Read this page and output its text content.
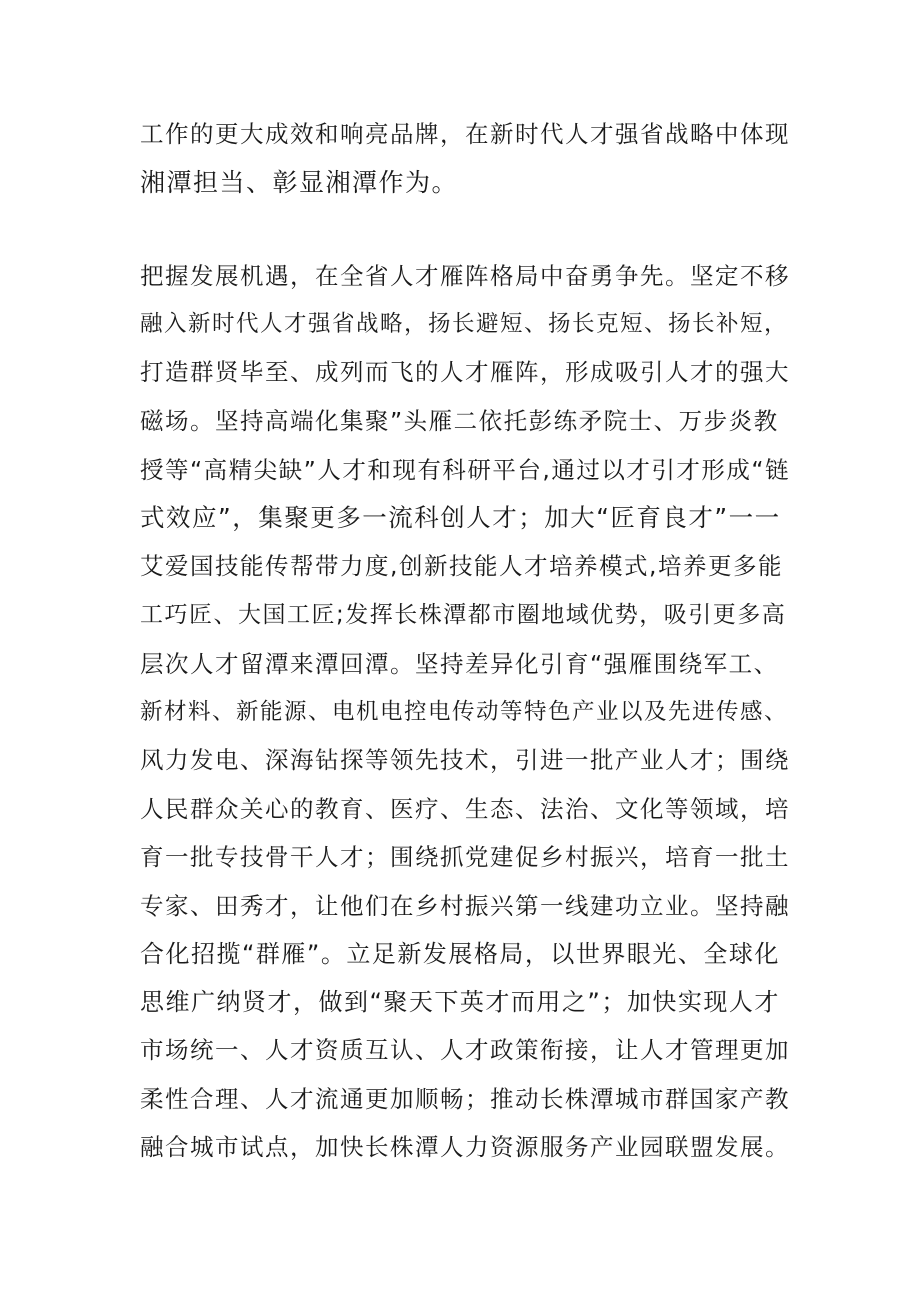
工作的更大成效和响亮品牌，在新时代人才强省战略中体现
湘潭担当、彰显湘潭作为。
把握发展机遇，在全省人才雁阵格局中奋勇争先。坚定不移
融入新时代人才强省战略，扬长避短、扬长克短、扬长补短，
打造群贤毕至、成列而飞的人才雁阵，形成吸引人才的强大
磁场。坚持高端化集聚”头雁二依托彭练矛院士、万步炎教
授等“高精尖缺”人才和现有科研平台,通过以才引才形成“链
式效应”，集聚更多一流科创人才；加大“匠育良才”一一
艾爱国技能传帮带力度,创新技能人才培养模式,培养更多能
工巧匠、大国工匠;发挥长株潭都市圈地域优势，吸引更多高
层次人才留潭来潭回潭。坚持差异化引育“强雁围绕军工、
新材料、新能源、电机电控电传动等特色产业以及先进传感、
风力发电、深海钻探等领先技术，引进一批产业人才；围绕
人民群众关心的教育、医疗、生态、法治、文化等领域，培
育一批专技骨干人才；围绕抓党建促乡村振兴，培育一批土
专家、田秀才，让他们在乡村振兴第一线建功立业。坚持融
合化招揽“群雁”。立足新发展格局，以世界眼光、全球化
思维广纳贤才，做到“聚天下英才而用之”；加快实现人才
市场统一、人才资质互认、人才政策衔接，让人才管理更加
柔性合理、人才流通更加顺畅；推动长株潭城市群国家产教
融合城市试点，加快长株潭人力资源服务产业园联盟发展。
